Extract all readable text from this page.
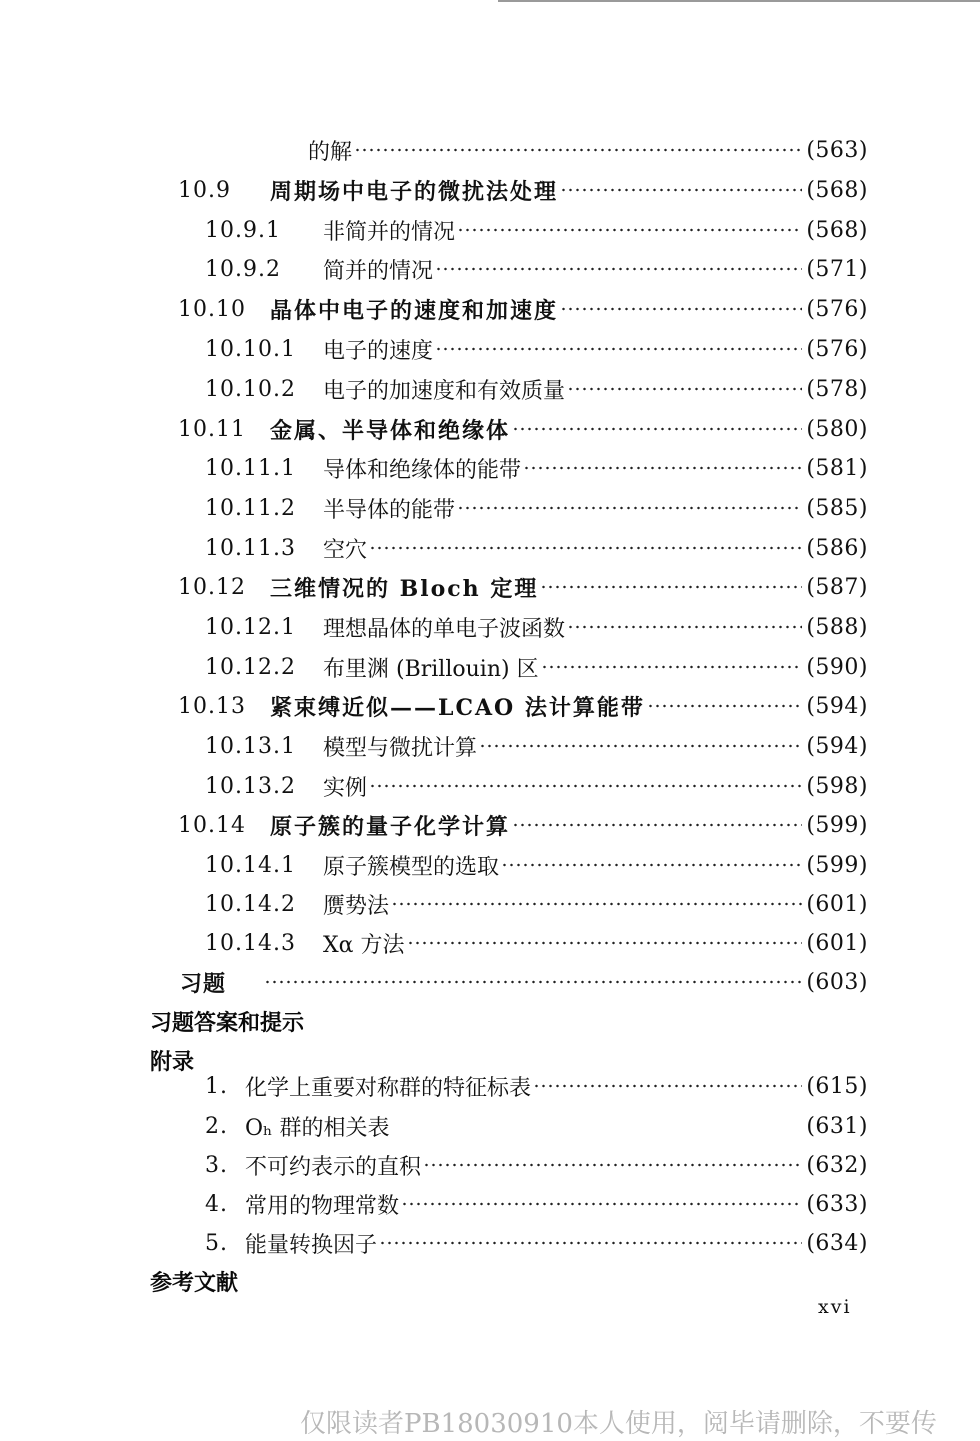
的解	(563)
10.9	周期场中电子的微扰法处理	(568)
10.9.1	非简并的情况	(568)
10.9.2	简并的情况	(571)
10.10	晶体中电子的速度和加速度	(576)
10.10.1	电子的速度	(576)
10.10.2	电子的加速度和有效质量	(578)
10.11	金属、半导体和绝缘体	(580)
10.11.1	导体和绝缘体的能带	(581)
10.11.2	半导体的能带	(585)
10.11.3	空穴	(586)
10.12	三维情况的 Bloch 定理	(587)
10.12.1	理想晶体的单电子波函数	(588)
10.12.2	布里渊 (Brillouin) 区	(590)
10.13	紧束缚近似——LCAO 法计算能带	(594)
10.13.1	模型与微扰计算	(594)
10.13.2	实例	(598)
10.14	原子簇的量子化学计算	(599)
10.14.1	原子簇模型的选取	(599)
10.14.2	赝势法	(601)
10.14.3	Xα 方法	(601)
习题	(603)
习题答案和提示
附录
1. 化学上重要对称群的特征标表	(615)
2. Oₕ 群的相关表	(631)
3. 不可约表示的直积	(632)
4. 常用的物理常数	(633)
5. 能量转换因子	(634)
参考文献
xvi
仅限读者PB18030910本人使用，阅毕请删除，不要传
